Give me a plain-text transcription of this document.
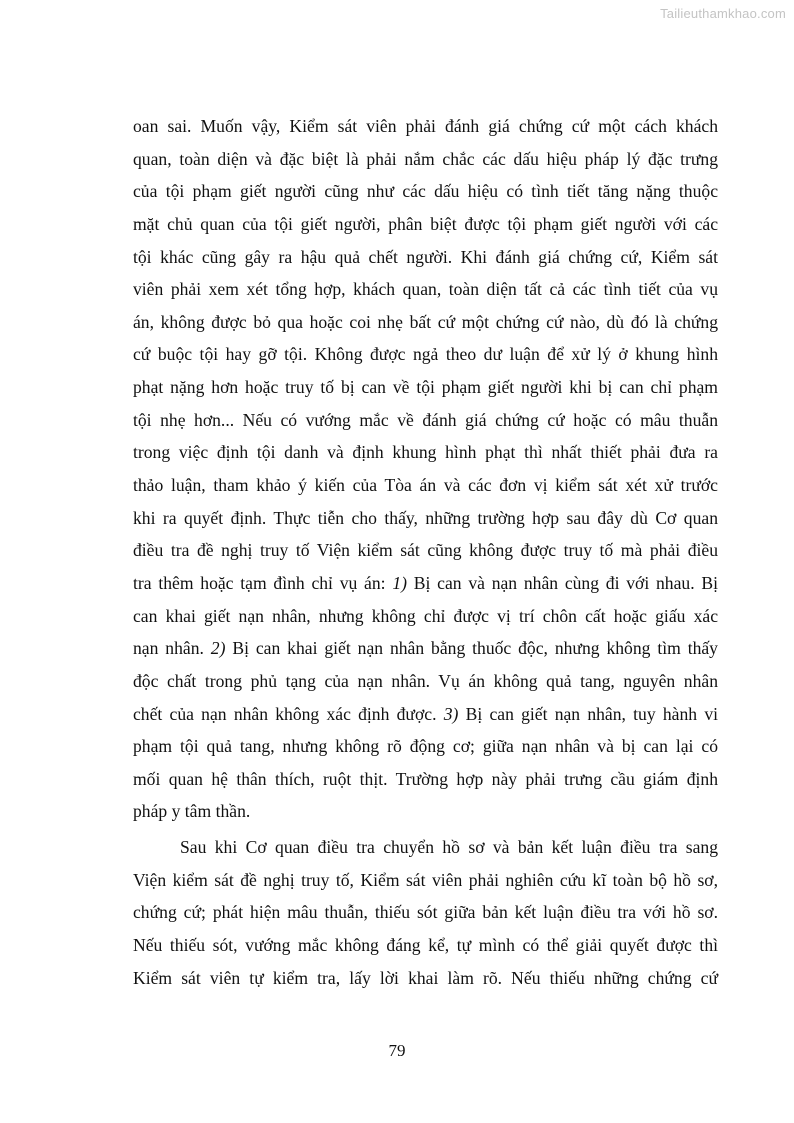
Tailieuthamkhao.com
oan sai. Muốn vậy, Kiểm sát viên phải đánh giá chứng cứ một cách khách
quan, toàn diện và đặc biệt là phải nắm chắc các dấu hiệu pháp lý đặc trưng
của tội phạm giết người cũng như các dấu hiệu có tình tiết tăng nặng thuộc
mặt chủ quan của tội giết người, phân biệt được tội phạm giết người với các
tội khác cũng gây ra hậu quả chết người. Khi đánh giá chứng cứ, Kiểm sát
viên phải xem xét tổng hợp, khách quan, toàn diện tất cả các tình tiết của vụ
án, không được bỏ qua hoặc coi nhẹ bất cứ một chứng cứ nào, dù đó là chứng
cứ buộc tội hay gỡ tội. Không được ngả theo dư luận để xử lý ở khung hình
phạt nặng hơn hoặc truy tố bị can về tội phạm giết người khi bị can chỉ phạm
tội nhẹ hơn... Nếu có vướng mắc về đánh giá chứng cứ hoặc có mâu thuẫn
trong việc định tội danh và định khung hình phạt thì nhất thiết phải đưa ra
thảo luận, tham khảo ý kiến của Tòa án và các đơn vị kiểm sát xét xử trước
khi ra quyết định. Thực tiễn cho thấy, những trường hợp sau đây dù Cơ quan
điều tra đề nghị truy tố Viện kiểm sát cũng không được truy tố mà phải điều
tra thêm hoặc tạm đình chỉ vụ án: 1) Bị can và nạn nhân cùng đi với nhau. Bị
can khai giết nạn nhân, nhưng không chỉ được vị trí chôn cất hoặc giấu xác
nạn nhân. 2) Bị can khai giết nạn nhân bằng thuốc độc, nhưng không tìm thấy
độc chất trong phủ tạng của nạn nhân. Vụ án không quả tang, nguyên nhân
chết của nạn nhân không xác định được. 3) Bị can giết nạn nhân, tuy hành vi
phạm tội quả tang, nhưng không rõ động cơ; giữa nạn nhân và bị can lại có
mối quan hệ thân thích, ruột thịt. Trường hợp này phải trưng cầu giám định
pháp y tâm thần.
Sau khi Cơ quan điều tra chuyển hồ sơ và bản kết luận điều tra sang
Viện kiểm sát đề nghị truy tố, Kiểm sát viên phải nghiên cứu kĩ toàn bộ hồ sơ,
chứng cứ; phát hiện mâu thuẫn, thiếu sót giữa bản kết luận điều tra với hồ sơ.
Nếu thiếu sót, vướng mắc không đáng kể, tự mình có thể giải quyết được thì
Kiểm sát viên tự kiểm tra, lấy lời khai làm rõ. Nếu thiếu những chứng cứ
79
